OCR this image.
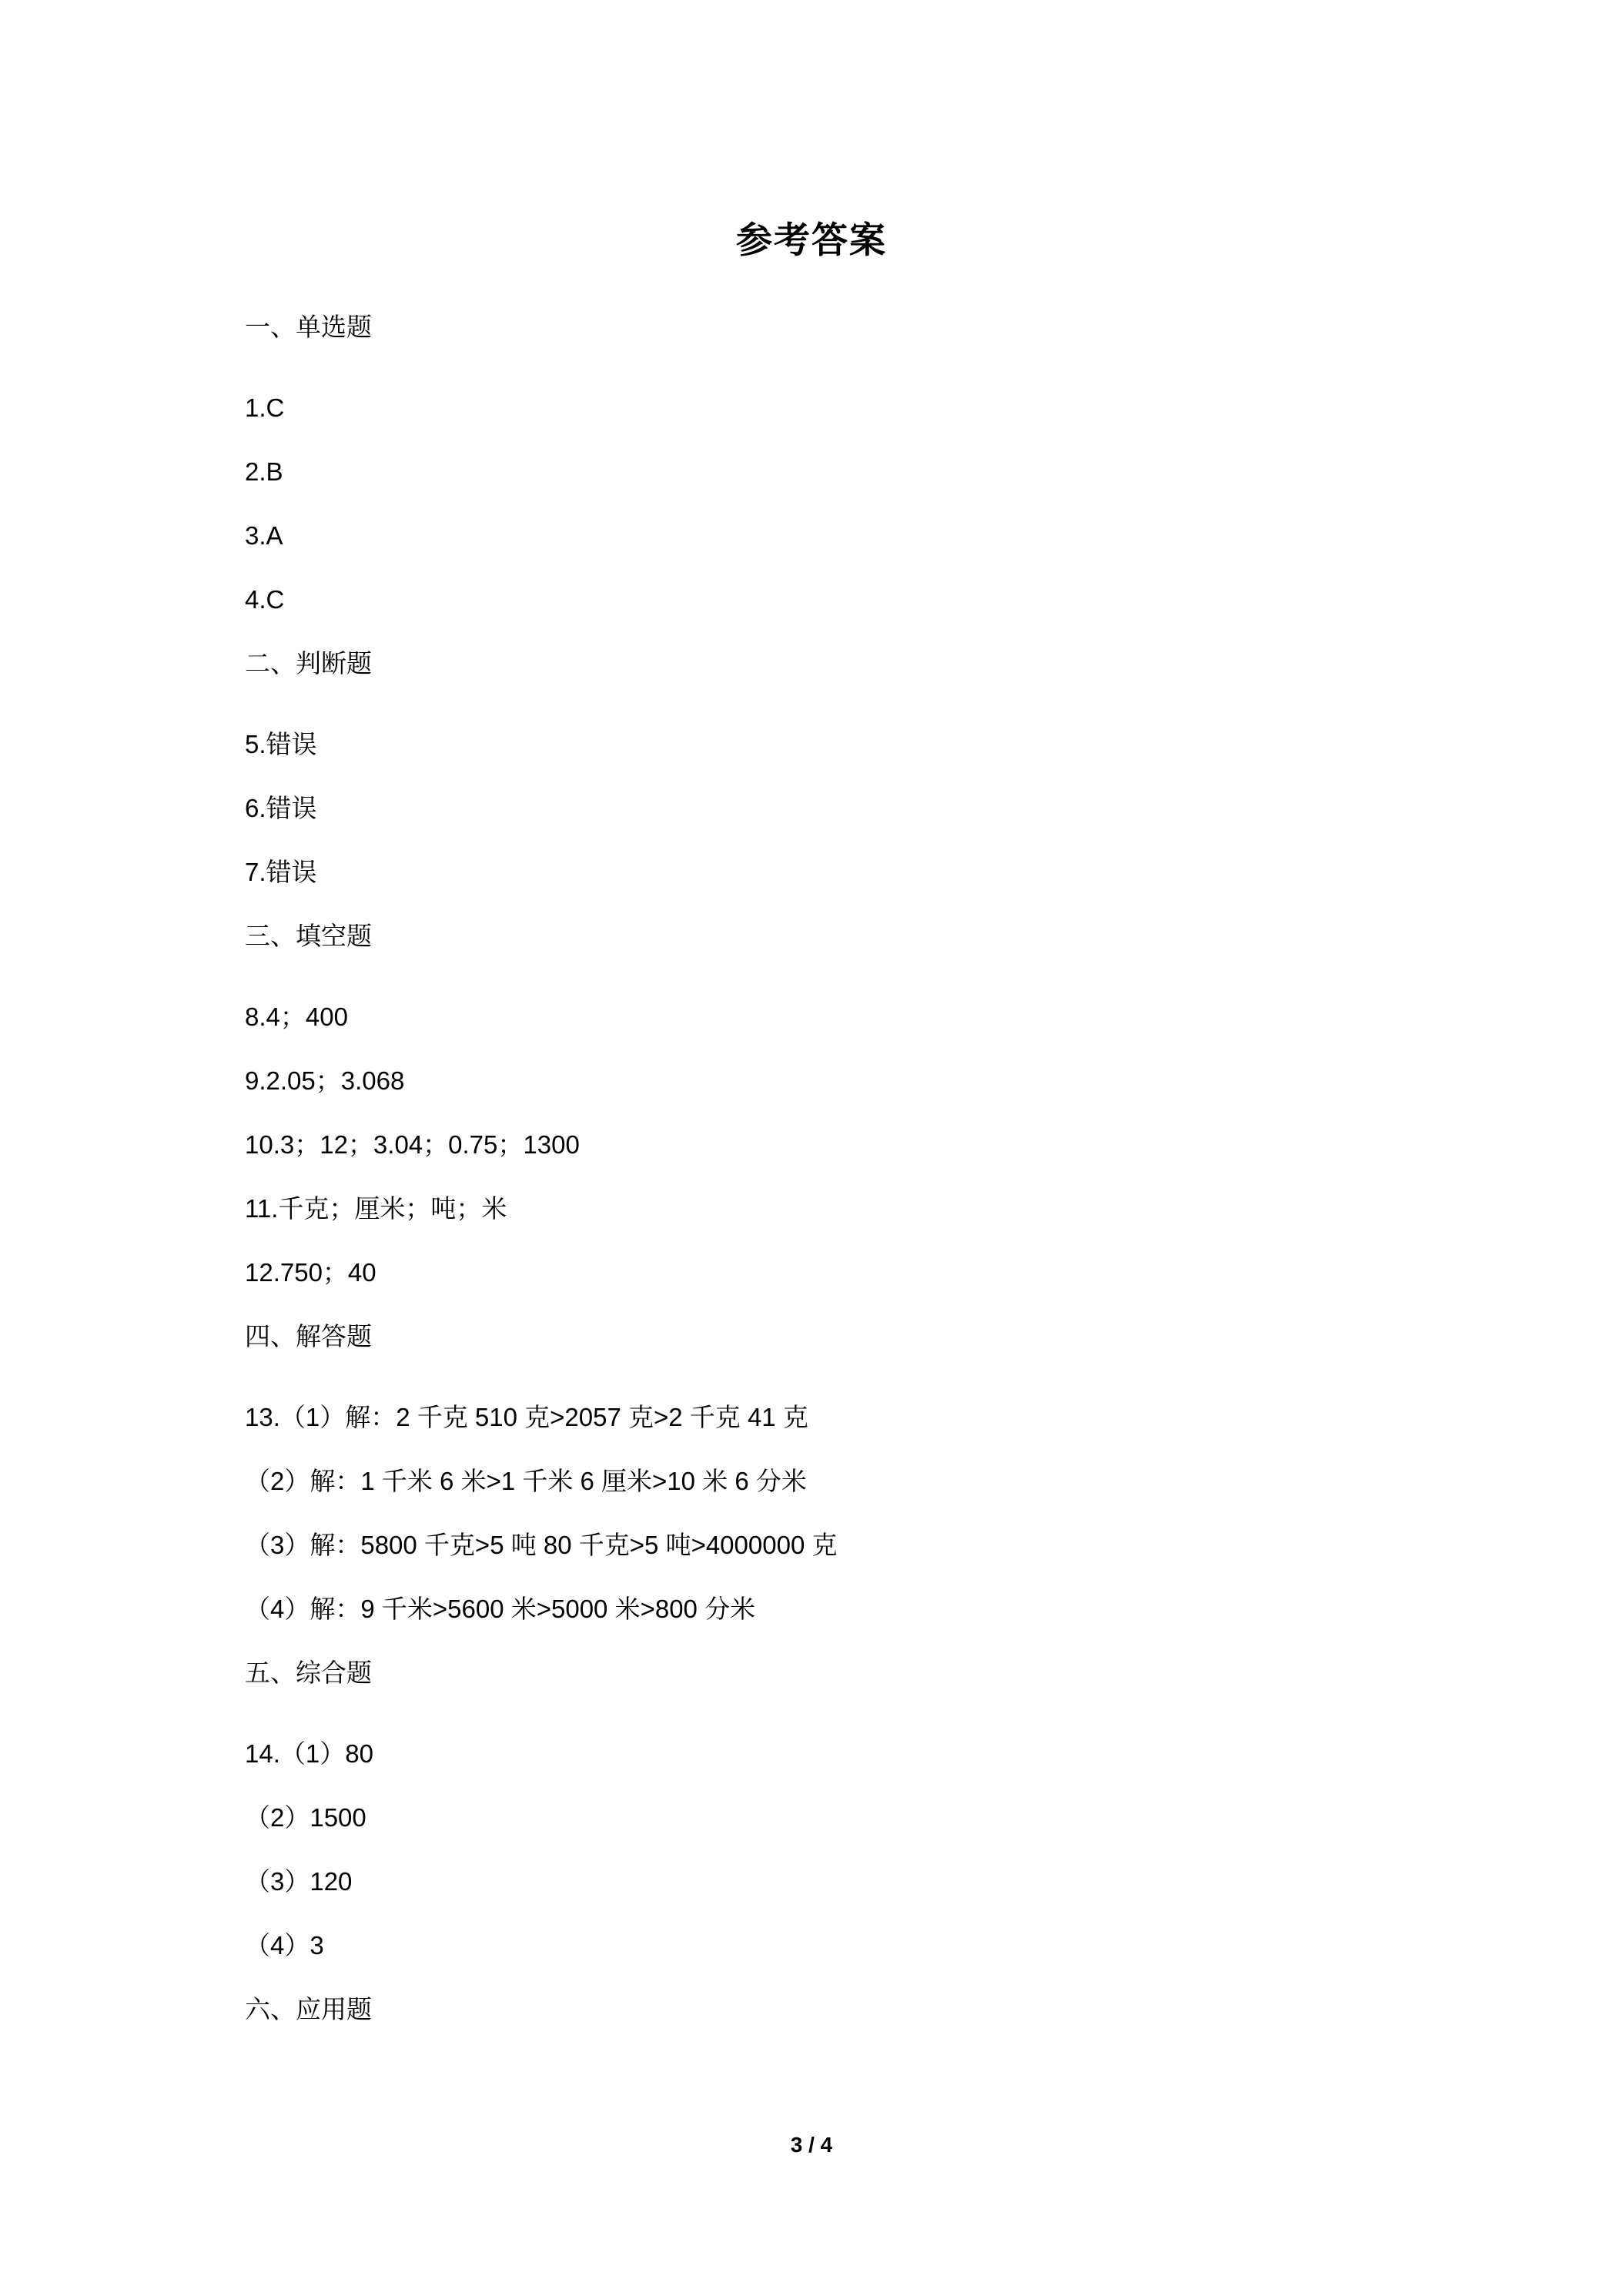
参考答案
一、单选题
1.C
2.B
3.A
4.C
二、判断题
5.错误
6.错误
7.错误
三、填空题
8.4；400
9.2.05；3.068
10.3；12；3.04；0.75；1300
11.千克；厘米；吨；米
12.750；40
四、解答题
13.（1）解：2 千克 510 克>2057 克>2 千克 41 克
（2）解：1 千米 6 米>1 千米 6 厘米>10 米 6 分米
（3）解：5800 千克>5 吨 80 千克>5 吨>4000000 克
（4）解：9 千米>5600 米>5000 米>800 分米
五、综合题
14.（1）80
（2）1500
（3）120
（4）3
六、应用题
3 / 4
